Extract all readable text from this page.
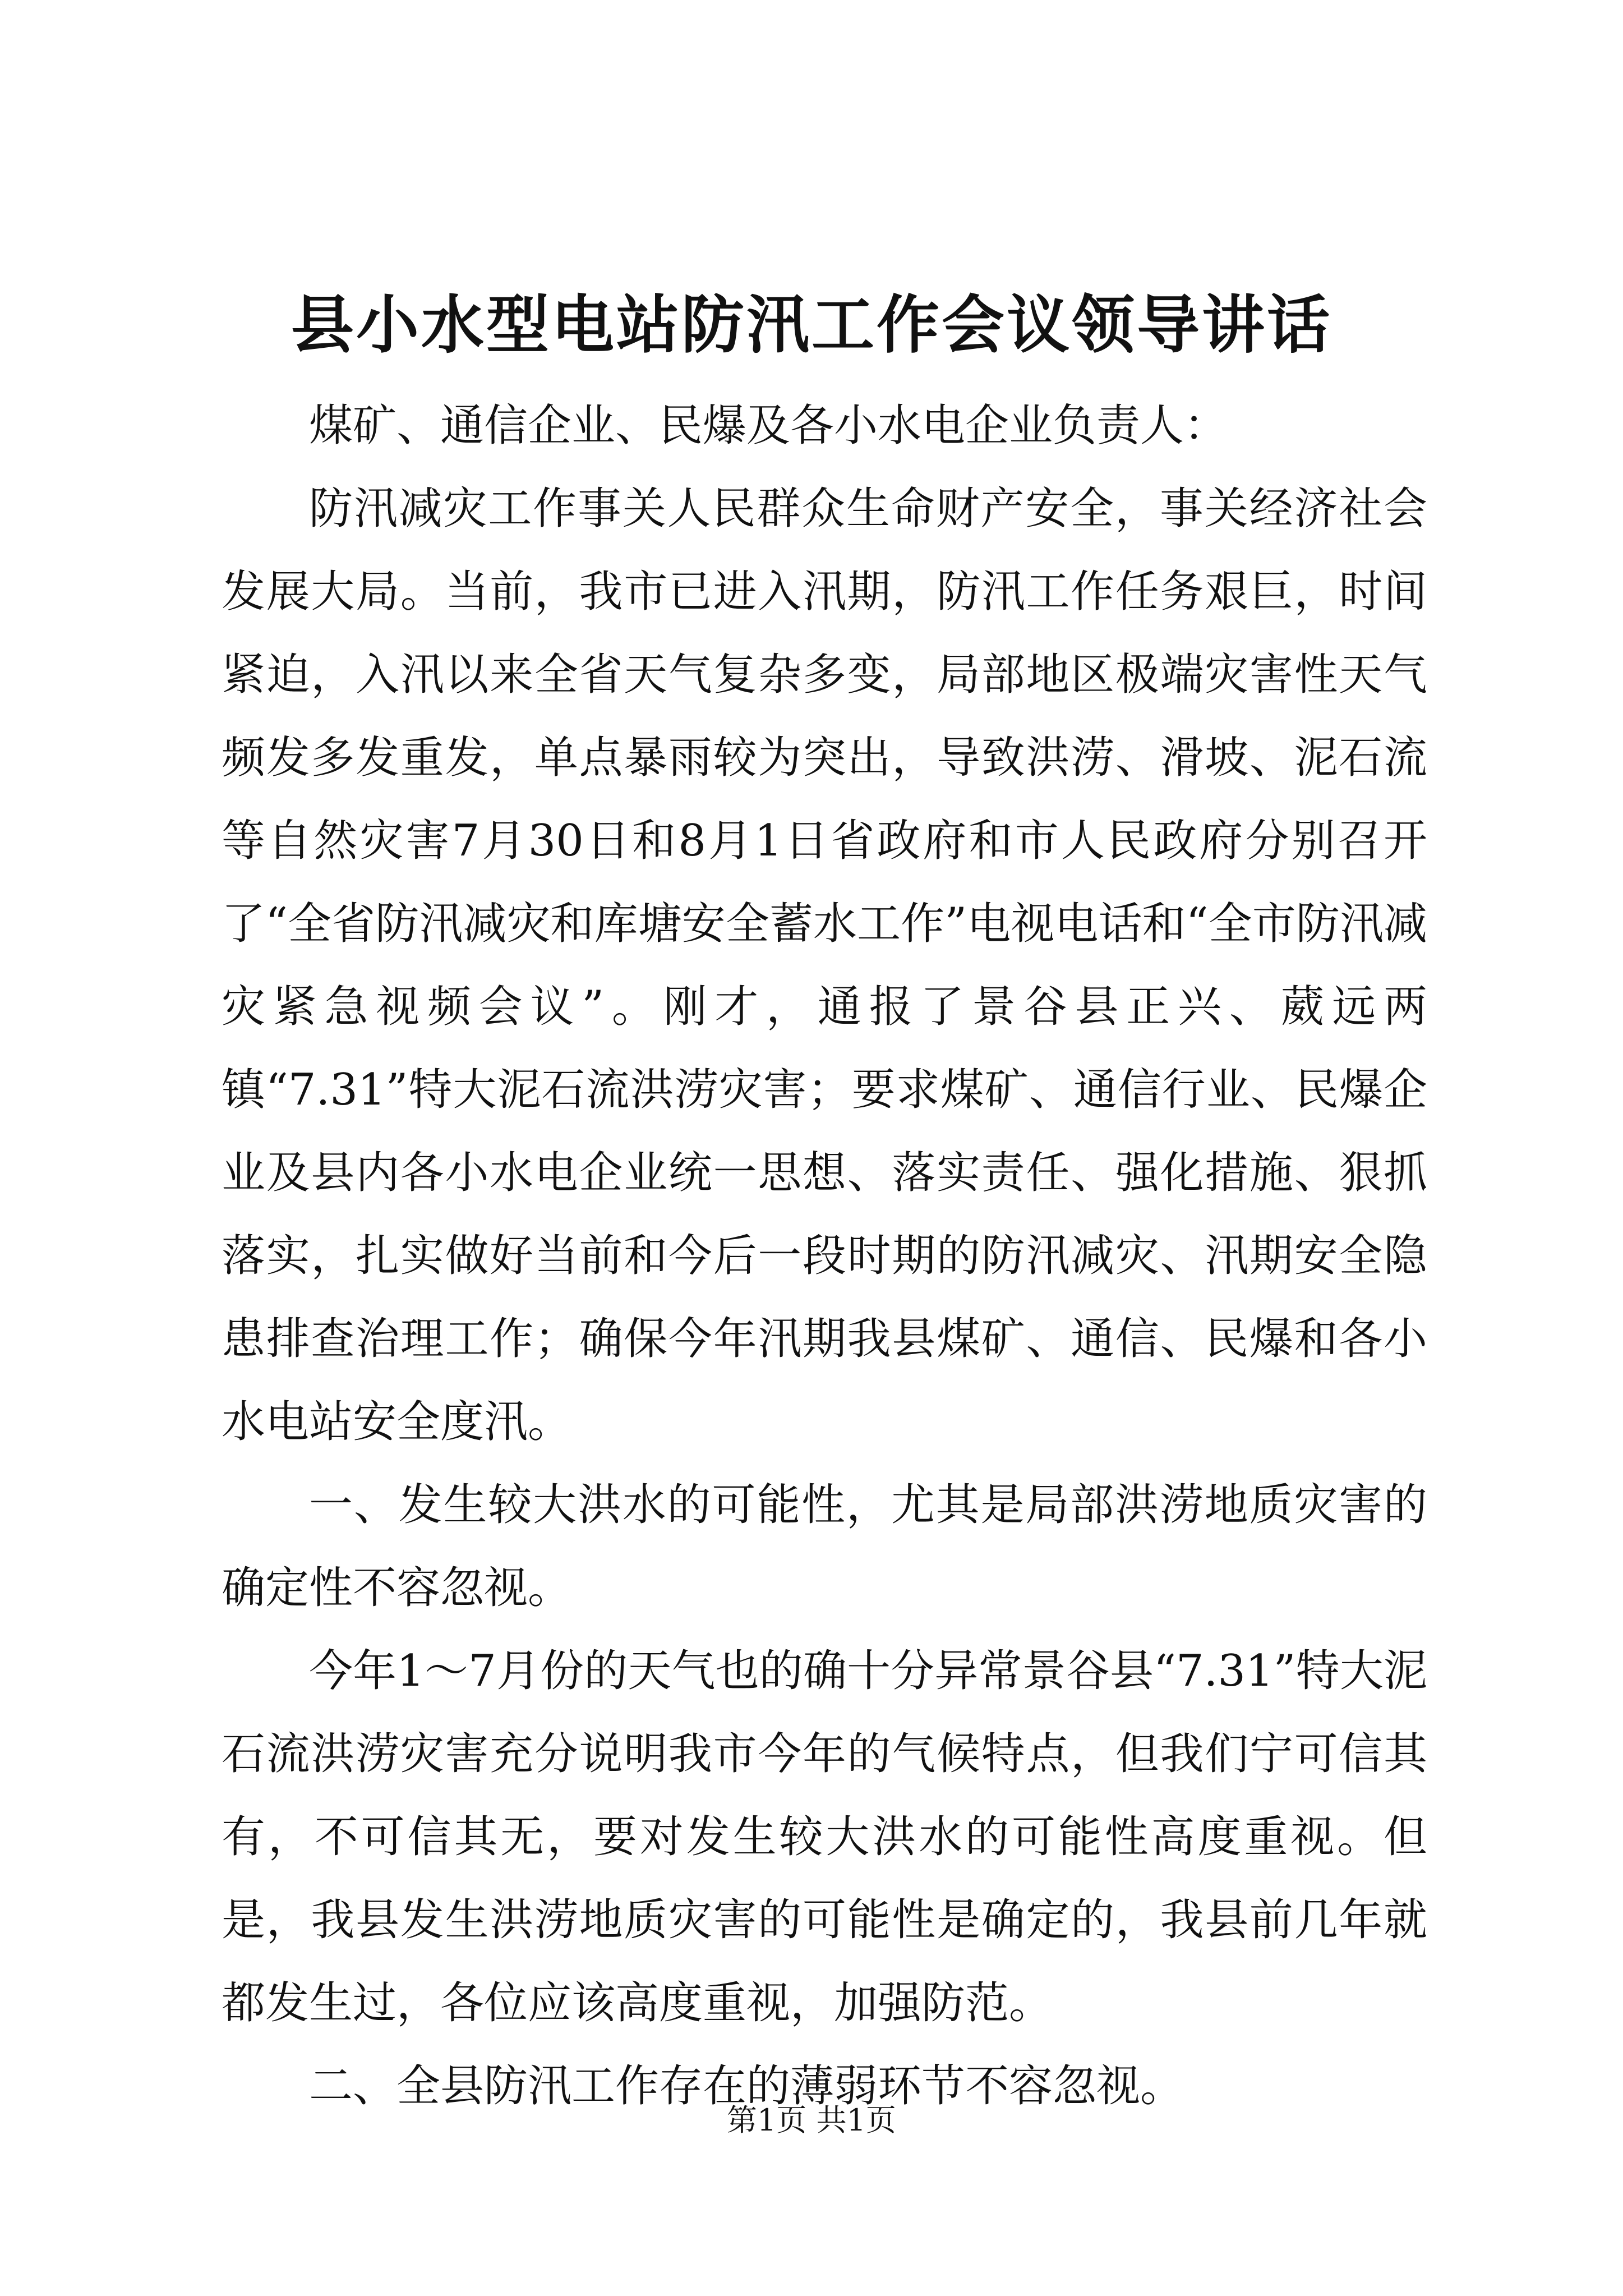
县小水型电站防汛工作会议领导讲话

煤矿、通信企业、民爆及各小水电企业负责人：

防汛减灾工作事关人民群众生命财产安全，事关经济社会发展大局。当前，我市已进入汛期，防汛工作任务艰巨，时间紧迫，入汛以来全省天气复杂多变，局部地区极端灾害性天气频发多发重发，单点暴雨较为突出，导致洪涝、滑坡、泥石流等自然灾害7月30日和8月1日省政府和市人民政府分别召开了“全省防汛减灾和库塘安全蓄水工作”电视电话和“全市防汛减灾紧急视频会议”。刚才，通报了景谷县正兴、葳远两镇“7.31”特大泥石流洪涝灾害；要求煤矿、通信行业、民爆企业及县内各小水电企业统一思想、落实责任、强化措施、狠抓落实，扎实做好当前和今后一段时期的防汛减灾、汛期安全隐患排查治理工作；确保今年汛期我县煤矿、通信、民爆和各小水电站安全度汛。

一、发生较大洪水的可能性，尤其是局部洪涝地质灾害的确定性不容忽视。

今年1～7月份的天气也的确十分异常景谷县“7.31”特大泥石流洪涝灾害充分说明我市今年的气候特点，但我们宁可信其有，不可信其无，要对发生较大洪水的可能性高度重视。但是，我县发生洪涝地质灾害的可能性是确定的，我县前几年就都发生过，各位应该高度重视，加强防范。

二、全县防汛工作存在的薄弱环节不容忽视。

第1页 共1页
